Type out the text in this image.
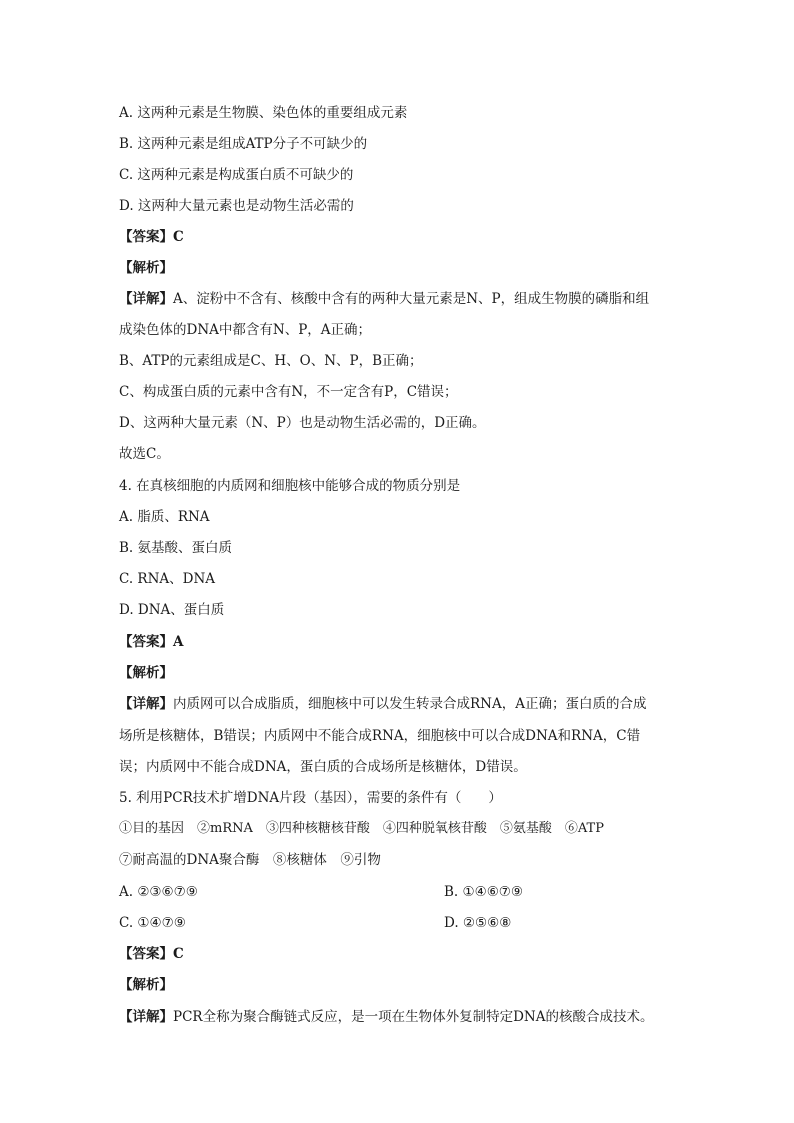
A. 这两种元素是生物膜、染色体的重要组成元素
B. 这两种元素是组成ATP分子不可缺少的
C. 这两种元素是构成蛋白质不可缺少的
D. 这两种大量元素也是动物生活必需的
【答案】C
【解析】
【详解】A、淀粉中不含有、核酸中含有的两种大量元素是N、P，组成生物膜的磷脂和组
成染色体的DNA中都含有N、P，A正确；
B、ATP的元素组成是C、H、O、N、P，B正确；
C、构成蛋白质的元素中含有N，不一定含有P，C错误；
D、这两种大量元素（N、P）也是动物生活必需的，D正确。
故选C。
4. 在真核细胞的内质网和细胞核中能够合成的物质分别是
A. 脂质、RNA
B. 氨基酸、蛋白质
C. RNA、DNA
D. DNA、蛋白质
【答案】A
【解析】
【详解】内质网可以合成脂质，细胞核中可以发生转录合成RNA，A正确；蛋白质的合成
场所是核糖体，B错误；内质网中不能合成RNA，细胞核中可以合成DNA和RNA，C错
误；内质网中不能合成DNA，蛋白质的合成场所是核糖体，D错误。
5. 利用PCR技术扩增DNA片段（基因），需要的条件有（　　）
①目的基因　②mRNA　③四种核糖核苷酸　④四种脱氧核苷酸　⑤氨基酸　⑥ATP
⑦耐高温的DNA聚合酶　⑧核糖体　⑨引物
A. ②③⑥⑦⑨	B. ①④⑥⑦⑨
C. ①④⑦⑨	D. ②⑤⑥⑧
【答案】C
【解析】
【详解】PCR全称为聚合酶链式反应，是一项在生物体外复制特定DNA的核酸合成技术。
